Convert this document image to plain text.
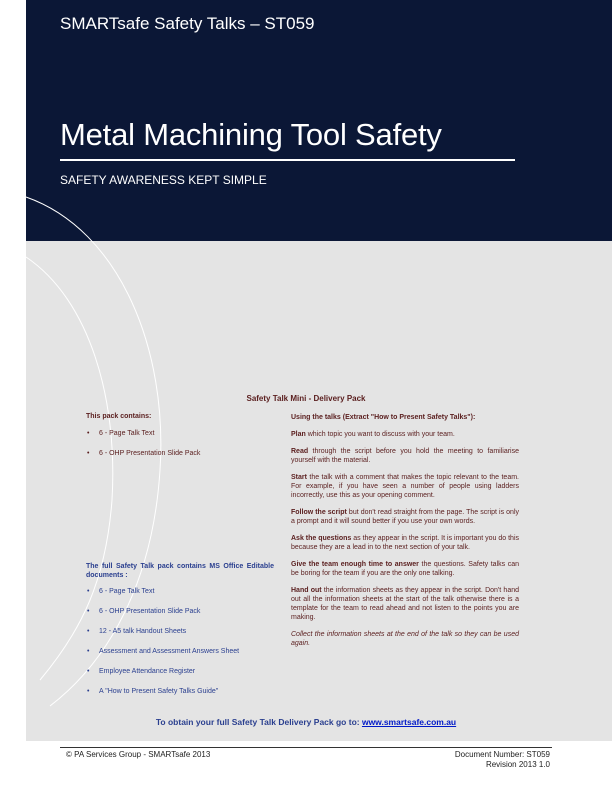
SMARTsafe Safety Talks – ST059
Metal Machining Tool Safety
SAFETY AWARENESS KEPT SIMPLE
Safety Talk Mini - Delivery Pack

This pack contains:

• 6 - Page Talk Text
• 6 - OHP Presentation Slide Pack

The full Safety Talk pack contains MS Office Editable documents :

• 6 - Page Talk Text
• 6 - OHP Presentation Slide Pack
• 12 - A5 talk Handout Sheets
• Assessment and Assessment Answers Sheet
• Employee Attendance Register
• A "How to Present Safety Talks Guide"

Using the talks (Extract "How to Present Safety Talks"):

Plan which topic you want to discuss with your team.

Read through the script before you hold the meeting to familiarise yourself with the material.

Start the talk with a comment that makes the topic relevant to the team. For example, if you have seen a number of people using ladders incorrectly, use this as your opening comment.

Follow the script but don't read straight from the page. The script is only a prompt and it will sound better if you use your own words.

Ask the questions as they appear in the script. It is important you do this because they are a lead in to the next section of your talk.

Give the team enough time to answer the questions. Safety talks can be boring for the team if you are the only one talking.

Hand out the information sheets as they appear in the script. Don't hand out all the information sheets at the start of the talk otherwise there is a template for the team to read ahead and not listen to the points you are making.

Collect the information sheets at the end of the talk so they can be used again.

To obtain your full Safety Talk Delivery Pack go to: www.smartsafe.com.au
© PA Services Group - SMARTsafe 2013	Document Number: ST059
Revision 2013 1.0
